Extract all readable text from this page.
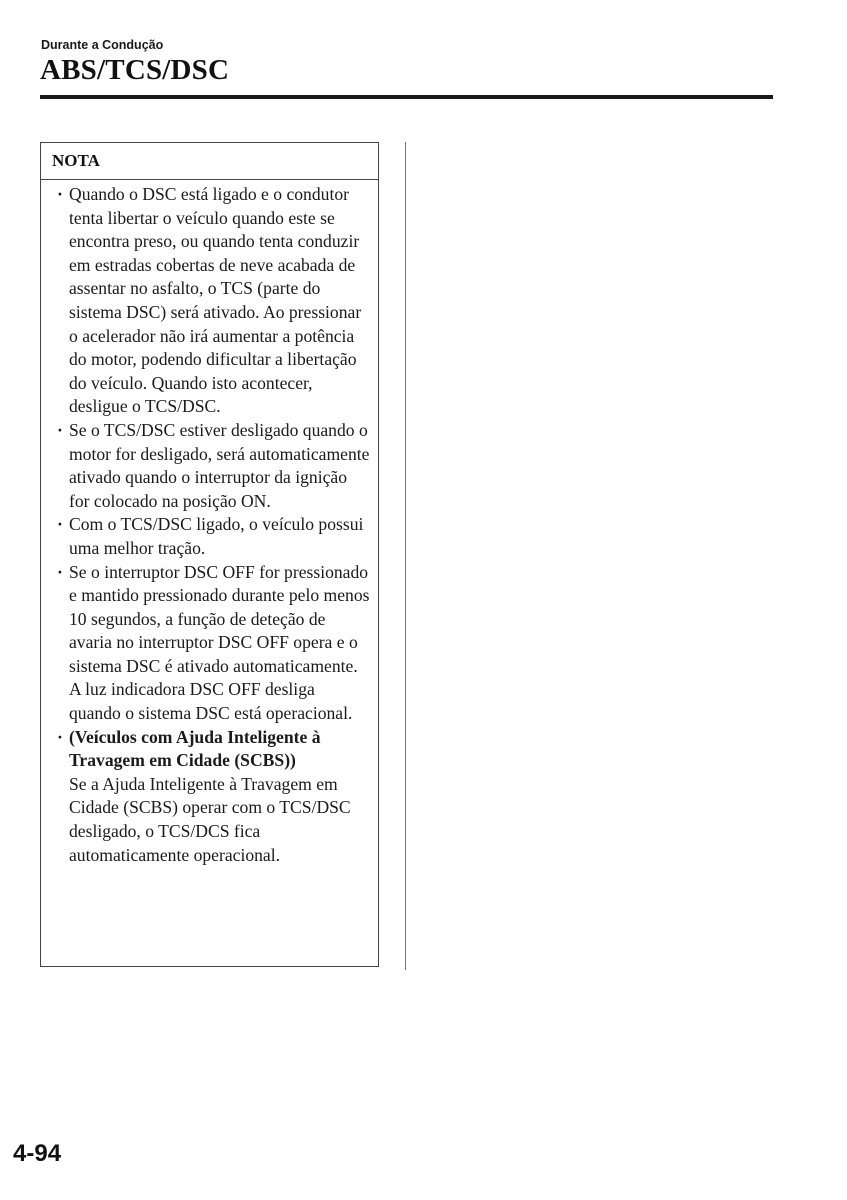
Durante a Condução
ABS/TCS/DSC
NOTA
· Quando o DSC está ligado e o condutor tenta libertar o veículo quando este se encontra preso, ou quando tenta conduzir em estradas cobertas de neve acabada de assentar no asfalto, o TCS (parte do sistema DSC) será ativado. Ao pressionar o acelerador não irá aumentar a potência do motor, podendo dificultar a libertação do veículo. Quando isto acontecer, desligue o TCS/DSC.
· Se o TCS/DSC estiver desligado quando o motor for desligado, será automaticamente ativado quando o interruptor da ignição for colocado na posição ON.
· Com o TCS/DSC ligado, o veículo possui uma melhor tração.
· Se o interruptor DSC OFF for pressionado e mantido pressionado durante pelo menos 10 segundos, a função de deteção de avaria no interruptor DSC OFF opera e o sistema DSC é ativado automaticamente. A luz indicadora DSC OFF desliga quando o sistema DSC está operacional.
· (Veículos com Ajuda Inteligente à Travagem em Cidade (SCBS))
Se a Ajuda Inteligente à Travagem em Cidade (SCBS) operar com o TCS/DSC desligado, o TCS/DCS fica automaticamente operacional.
4-94
